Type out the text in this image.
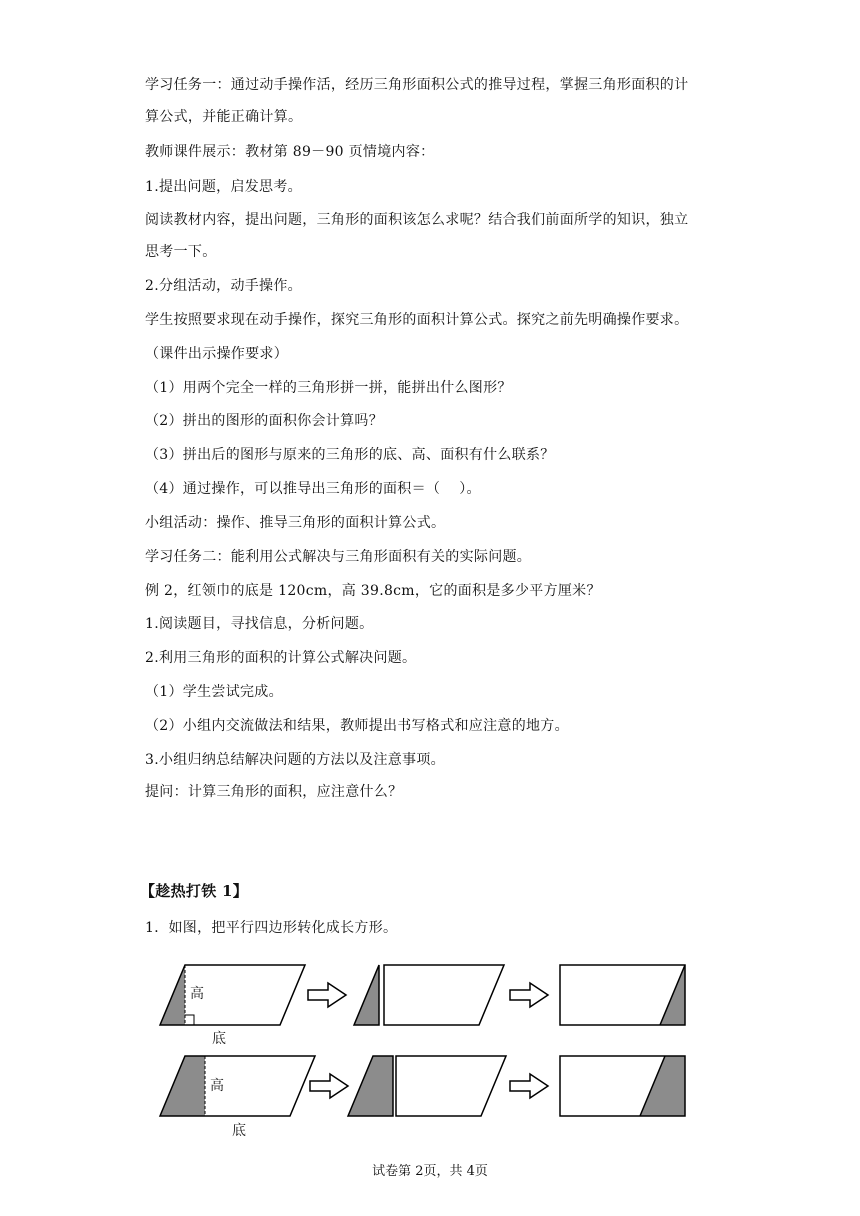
学习任务一：通过动手操作活，经历三角形面积公式的推导过程，掌握三角形面积的计
算公式，并能正确计算。
教师课件展示：教材第 89－90 页情境内容：
1.提出问题，启发思考。
阅读教材内容，提出问题，三角形的面积该怎么求呢？结合我们前面所学的知识，独立
思考一下。
2.分组活动，动手操作。
学生按照要求现在动手操作，探究三角形的面积计算公式。探究之前先明确操作要求。
（课件出示操作要求）
（1）用两个完全一样的三角形拼一拼，能拼出什么图形？
（2）拼出的图形的面积你会计算吗？
（3）拼出后的图形与原来的三角形的底、高、面积有什么联系？
（4）通过操作，可以推导出三角形的面积＝（　 ）。
小组活动：操作、推导三角形的面积计算公式。
学习任务二：能利用公式解决与三角形面积有关的实际问题。
例 2，红领巾的底是 120cm，高 39.8cm，它的面积是多少平方厘米？
1.阅读题目，寻找信息，分析问题。
2.利用三角形的面积的计算公式解决问题。
（1）学生尝试完成。
（2）小组内交流做法和结果，教师提出书写格式和应注意的地方。
3.小组归纳总结解决问题的方法以及注意事项。
提问：计算三角形的面积，应注意什么？
【趁热打铁 1】
1．如图，把平行四边形转化成长方形。
高
底
高
底
试卷第 2页，共 4页
